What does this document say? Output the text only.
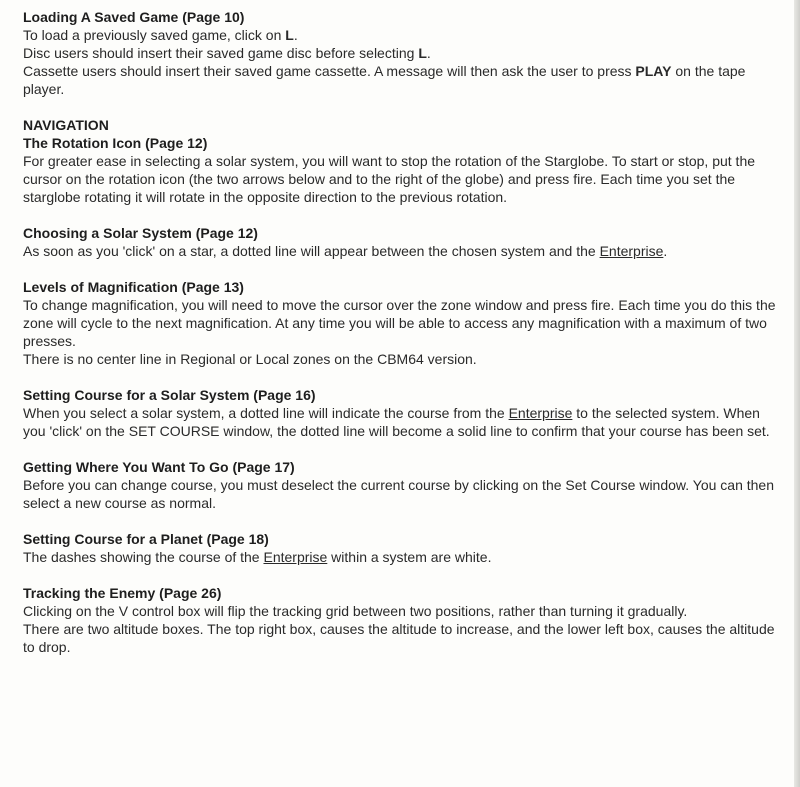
Loading A Saved Game (Page 10)
To load a previously saved game, click on L.
Disc users should insert their saved game disc before selecting L.
Cassette users should insert their saved game cassette. A message will then ask the user to press PLAY on the tape player.
NAVIGATION
The Rotation Icon (Page 12)
For greater ease in selecting a solar system, you will want to stop the rotation of the Starglobe. To start or stop, put the cursor on the rotation icon (the two arrows below and to the right of the globe) and press fire. Each time you set the starglobe rotating it will rotate in the opposite direction to the previous rotation.
Choosing a Solar System (Page 12)
As soon as you 'click' on a star, a dotted line will appear between the chosen system and the Enterprise.
Levels of Magnification (Page 13)
To change magnification, you will need to move the cursor over the zone window and press fire. Each time you do this the zone will cycle to the next magnification. At any time you will be able to access any magnification with a maximum of two presses.
There is no center line in Regional or Local zones on the CBM64 version.
Setting Course for a Solar System (Page 16)
When you select a solar system, a dotted line will indicate the course from the Enterprise to the selected system. When you 'click' on the SET COURSE window, the dotted line will become a solid line to confirm that your course has been set.
Getting Where You Want To Go (Page 17)
Before you can change course, you must deselect the current course by clicking on the Set Course window. You can then select a new course as normal.
Setting Course for a Planet (Page 18)
The dashes showing the course of the Enterprise within a system are white.
Tracking the Enemy (Page 26)
Clicking on the V control box will flip the tracking grid between two positions, rather than turning it gradually.
There are two altitude boxes. The top right box, causes the altitude to increase, and the lower left box, causes the altitude to drop.
